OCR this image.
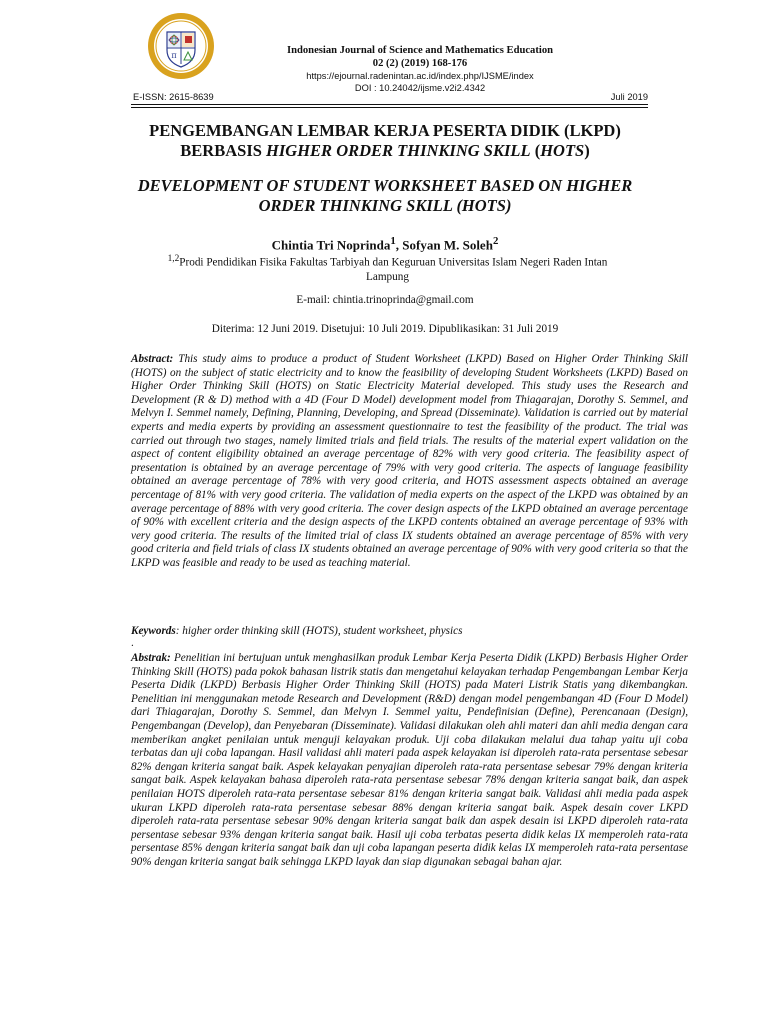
π	Indonesian Journal of Science and Mathematics Education
02 (2) (2019) 168-176
https://ejournal.radenintan.ac.id/index.php/IJSME/index
DOI : 10.24042/ijsme.v2i2.4342
E-ISSN: 2615-8639	Juli 2019
PENGEMBANGAN LEMBAR KERJA PESERTA DIDIK (LKPD)
BERBASIS HIGHER ORDER THINKING SKILL (HOTS)
DEVELOPMENT OF STUDENT WORKSHEET BASED ON HIGHER
ORDER THINKING SKILL (HOTS)
Chintia Tri Noprinda$^1$, Sofyan M. Soleh$^2$
$^{1,2}$Prodi Pendidikan Fisika Fakultas Tarbiyah dan Keguruan Universitas Islam Negeri Raden Intan Lampung
E-mail: chintia.trinoprinda@gmail.com
Diterima: 12 Juni 2019. Disetujui: 10 Juli 2019. Dipublikasikan: 31 Juli 2019
Abstract: This study aims to produce a product of Student Worksheet (LKPD) Based on Higher Order Thinking Skill (HOTS) on the subject of static electricity and to know the feasibility of developing Student Worksheets (LKPD) Based on Higher Order Thinking Skill (HOTS) on Static Electricity Material developed. This study uses the Research and Development (R & D) method with a 4D (Four D Model) development model from Thiagarajan, Dorothy S. Semmel, and Melvyn I. Semmel namely, Defining, Planning, Developing, and Spread (Disseminate). Validation is carried out by material experts and media experts by providing an assessment questionnaire to test the feasibility of the product. The trial was carried out through two stages, namely limited trials and field trials. The results of the material expert validation on the aspect of content eligibility obtained an average percentage of 82% with very good criteria. The feasibility aspect of presentation is obtained by an average percentage of 79% with very good criteria. The aspects of language feasibility obtained an average percentage of 78% with very good criteria, and HOTS assessment aspects obtained an average percentage of 81% with very good criteria. The validation of media experts on the aspect of the LKPD was obtained by an average percentage of 88% with very good criteria. The cover design aspects of the LKPD obtained an average percentage of 90% with excellent criteria and the design aspects of the LKPD contents obtained an average percentage of 93% with very good criteria. The results of the limited trial of class IX students obtained an average percentage of 85% with very good criteria and field trials of class IX students obtained an average percentage of 90% with very good criteria so that the LKPD was feasible and ready to be used as teaching material.
Keywords: higher order thinking skill (HOTS), student worksheet, physics
.
Abstrak: Penelitian ini bertujuan untuk menghasilkan produk Lembar Kerja Peserta Didik (LKPD) Berbasis Higher Order Thinking Skill (HOTS) pada pokok bahasan listrik statis dan mengetahui kelayakan terhadap Pengembangan Lembar Kerja Peserta Didik (LKPD) Berbasis Higher Order Thinking Skill (HOTS) pada Materi Listrik Statis yang dikembangkan. Penelitian ini menggunakan metode Research and Development (R&D) dengan model pengembangan 4D (Four D Model) dari Thiagarajan, Dorothy S. Semmel, dan Melvyn I. Semmel yaitu, Pendefinisian (Define), Perencanaan (Design), Pengembangan (Develop), dan Penyebaran (Disseminate). Validasi dilakukan oleh ahli materi dan ahli media dengan cara memberikan angket penilaian untuk menguji kelayakan produk. Uji coba dilakukan melalui dua tahap yaitu uji coba terbatas dan uji coba lapangan. Hasil validasi ahli materi pada aspek kelayakan isi diperoleh rata-rata persentase sebesar 82% dengan kriteria sangat baik. Aspek kelayakan penyajian diperoleh rata-rata persentase sebesar 79% dengan kriteria sangat baik. Aspek kelayakan bahasa diperoleh rata-rata persentase sebesar 78% dengan kriteria sangat baik, dan aspek penilaian HOTS diperoleh rata-rata persentase sebesar 81% dengan kriteria sangat baik. Validasi ahli media pada aspek ukuran LKPD diperoleh rata-rata persentase sebesar 88% dengan kriteria sangat baik. Aspek desain cover LKPD diperoleh rata-rata persentase sebesar 90% dengan kriteria sangat baik dan aspek desain isi LKPD diperoleh rata-rata persentase sebesar 93% dengan kriteria sangat baik. Hasil uji coba terbatas peserta didik kelas IX memperoleh rata-rata persentase 85% dengan kriteria sangat baik dan uji coba lapangan peserta didik kelas IX memperoleh rata-rata persentase 90% dengan kriteria sangat baik sehingga LKPD layak dan siap digunakan sebagai bahan ajar.
